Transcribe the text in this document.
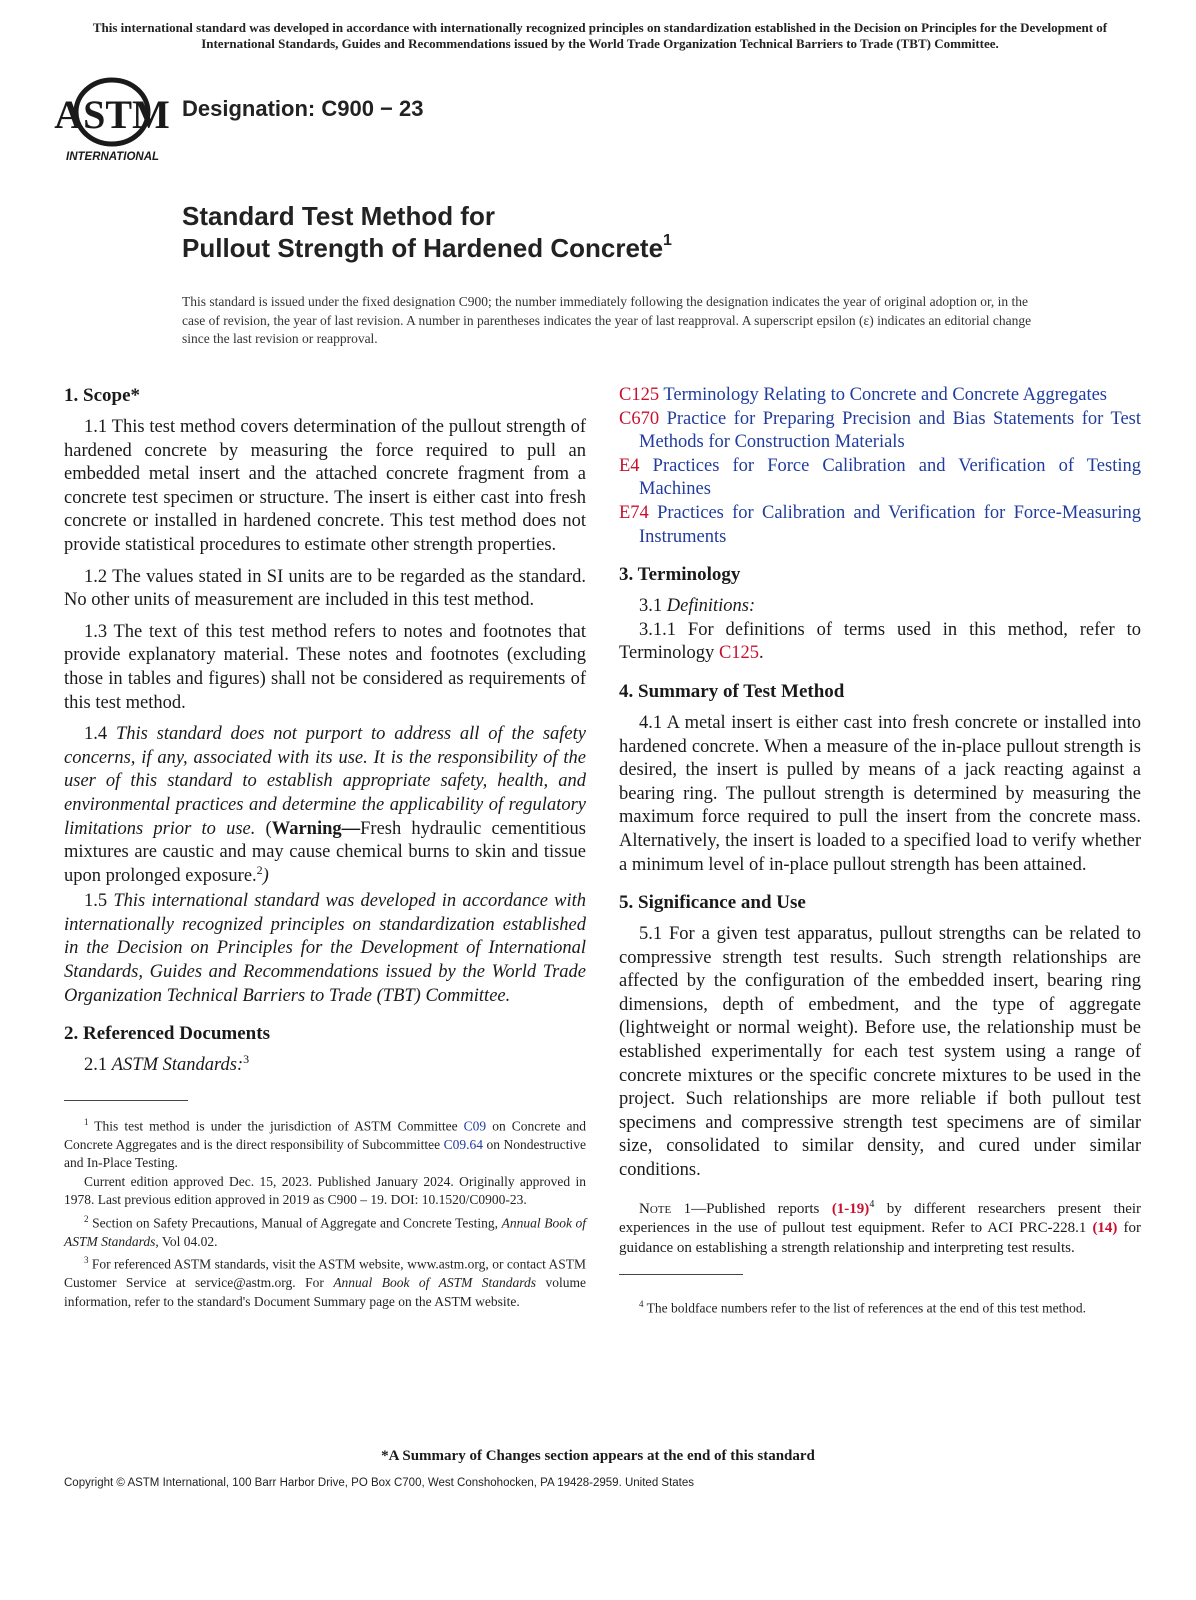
This international standard was developed in accordance with internationally recognized principles on standardization established in the Decision on Principles for the Development of International Standards, Guides and Recommendations issued by the World Trade Organization Technical Barriers to Trade (TBT) Committee.
ASTM
INTERNATIONAL
Designation: C900 − 23
Standard Test Method for
Pullout Strength of Hardened Concrete$^1$
This standard is issued under the fixed designation C900; the number immediately following the designation indicates the year of original adoption or, in the case of revision, the year of last revision. A number in parentheses indicates the year of last reapproval. A superscript epsilon (ε) indicates an editorial change since the last revision or reapproval.
1. Scope*

1.1 This test method covers determination of the pullout strength of hardened concrete by measuring the force required to pull an embedded metal insert and the attached concrete fragment from a concrete test specimen or structure. The insert is either cast into fresh concrete or installed in hardened concrete. This test method does not provide statistical procedures to estimate other strength properties.

1.2 The values stated in SI units are to be regarded as the standard. No other units of measurement are included in this test method.

1.3 The text of this test method refers to notes and footnotes that provide explanatory material. These notes and footnotes (excluding those in tables and figures) shall not be considered as requirements of this test method.

1.4 This standard does not purport to address all of the safety concerns, if any, associated with its use. It is the responsibility of the user of this standard to establish appropriate safety, health, and environmental practices and determine the applicability of regulatory limitations prior to use. (Warning—Fresh hydraulic cementitious mixtures are caustic and may cause chemical burns to skin and tissue upon prolonged exposure.$^2$)

1.5 This international standard was developed in accordance with internationally recognized principles on standardization established in the Decision on Principles for the Development of International Standards, Guides and Recommendations issued by the World Trade Organization Technical Barriers to Trade (TBT) Committee.

2. Referenced Documents

2.1 ASTM Standards:$^3$

$^1$ This test method is under the jurisdiction of ASTM Committee C09 on Concrete and Concrete Aggregates and is the direct responsibility of Subcommittee C09.64 on Nondestructive and In-Place Testing.

Current edition approved Dec. 15, 2023. Published January 2024. Originally approved in 1978. Last previous edition approved in 2019 as C900 – 19. DOI: 10.1520/C0900-23.

$^2$ Section on Safety Precautions, Manual of Aggregate and Concrete Testing, Annual Book of ASTM Standards, Vol 04.02.

$^3$ For referenced ASTM standards, visit the ASTM website, www.astm.org, or contact ASTM Customer Service at service@astm.org. For Annual Book of ASTM Standards volume information, refer to the standard's Document Summary page on the ASTM website.

C125 Terminology Relating to Concrete and Concrete Aggregates
C670 Practice for Preparing Precision and Bias Statements for Test Methods for Construction Materials
E4 Practices for Force Calibration and Verification of Testing Machines
E74 Practices for Calibration and Verification for Force-Measuring Instruments
3. Terminology

3.1 Definitions:

3.1.1 For definitions of terms used in this method, refer to Terminology C125.

4. Summary of Test Method

4.1 A metal insert is either cast into fresh concrete or installed into hardened concrete. When a measure of the in-place pullout strength is desired, the insert is pulled by means of a jack reacting against a bearing ring. The pullout strength is determined by measuring the maximum force required to pull the insert from the concrete mass. Alternatively, the insert is loaded to a specified load to verify whether a minimum level of in-place pullout strength has been attained.

5. Significance and Use

5.1 For a given test apparatus, pullout strengths can be related to compressive strength test results. Such strength relationships are affected by the configuration of the embedded insert, bearing ring dimensions, depth of embedment, and the type of aggregate (lightweight or normal weight). Before use, the relationship must be established experimentally for each test system using a range of concrete mixtures or the specific concrete mixtures to be used in the project. Such relationships are more reliable if both pullout test specimens and compressive strength test specimens are of similar size, consolidated to similar density, and cured under similar conditions.

Note 1—Published reports $(1-19)^4$ by different researchers present their experiences in the use of pullout test equipment. Refer to ACI PRC-228.1 (14) for guidance on establishing a strength relationship and interpreting test results.

$^4$ The boldface numbers refer to the list of references at the end of this test method.

*A Summary of Changes section appears at the end of this standard
Copyright © ASTM International, 100 Barr Harbor Drive, PO Box C700, West Conshohocken, PA 19428-2959. United States
